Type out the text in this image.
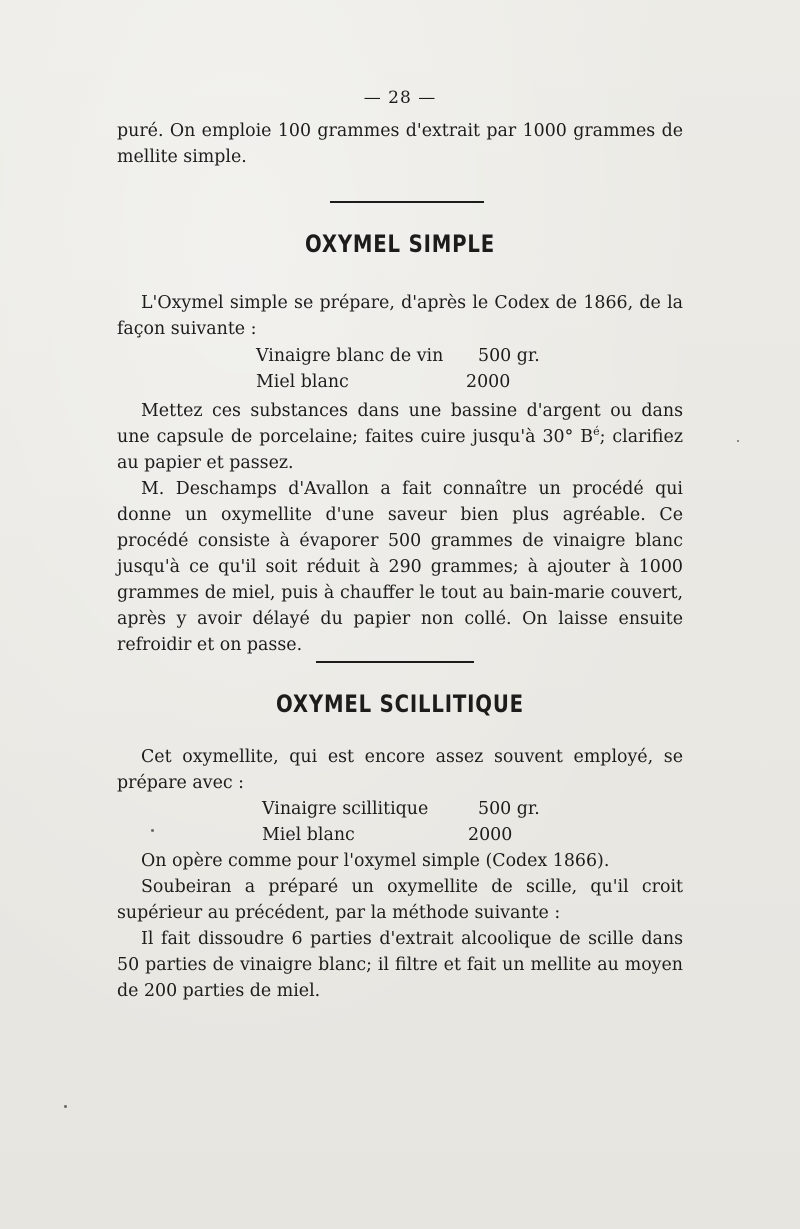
— 28 —

puré. On emploie 100 grammes d'extrait par 1000 grammes de mellite simple.

OXYMEL SIMPLE

L'Oxymel simple se prépare, d'après le Codex de 1866, de la façon suivante :

Vinaigre blanc de vin 500 gr.
Miel blanc	2000

Mettez ces substances dans une bassine d'argent ou dans une capsule de porcelaine; faites cuire jusqu'à 30° $B^é$; clarifiez au papier et passez.

M. Deschamps d'Avallon a fait connaître un procédé qui donne un oxymellite d'une saveur bien plus agréable. Ce procédé consiste à évaporer 500 grammes de vinaigre blanc jusqu'à ce qu'il soit réduit à 290 grammes; à ajouter à 1000 grammes de miel, puis à chauffer le tout au bain-marie couvert, après y avoir délayé du papier non collé. On laisse ensuite refroidir et on passe.

OXYMEL SCILLITIQUE

Cet oxymellite, qui est encore assez souvent employé, se prépare avec :

Vinaigre scillitique	500 gr.
Miel blanc	2000

On opère comme pour l'oxymel simple (Codex 1866).

Soubeiran a préparé un oxymellite de scille, qu'il croit supérieur au précédent, par la méthode suivante :

Il fait dissoudre 6 parties d'extrait alcoolique de scille dans 50 parties de vinaigre blanc; il filtre et fait un mellite au moyen de 200 parties de miel.
